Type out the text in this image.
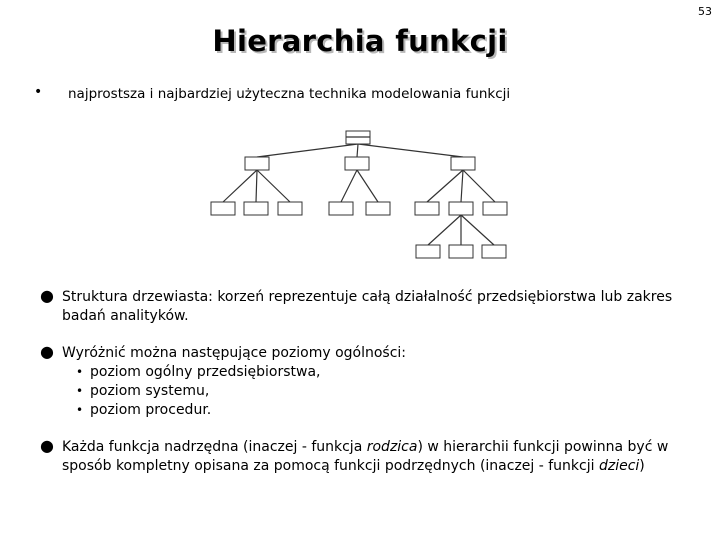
53
Hierarchia funkcji
• najprostsza i najbardziej użyteczna technika modelowania funkcji
● Struktura drzewiasta: korzeń reprezentuje całą działalność przedsiębiorstwa lub zakres
badań analityków.
● Wyróżnić można następujące poziomy ogólności:
• poziom ogólny przedsiębiorstwa,
• poziom systemu,
• poziom procedur.
● Każda funkcja nadrzędna (inaczej - funkcja rodzica) w hierarchii funkcji powinna być w
sposób kompletny opisana za pomocą funkcji podrzędnych (inaczej - funkcji dzieci)
